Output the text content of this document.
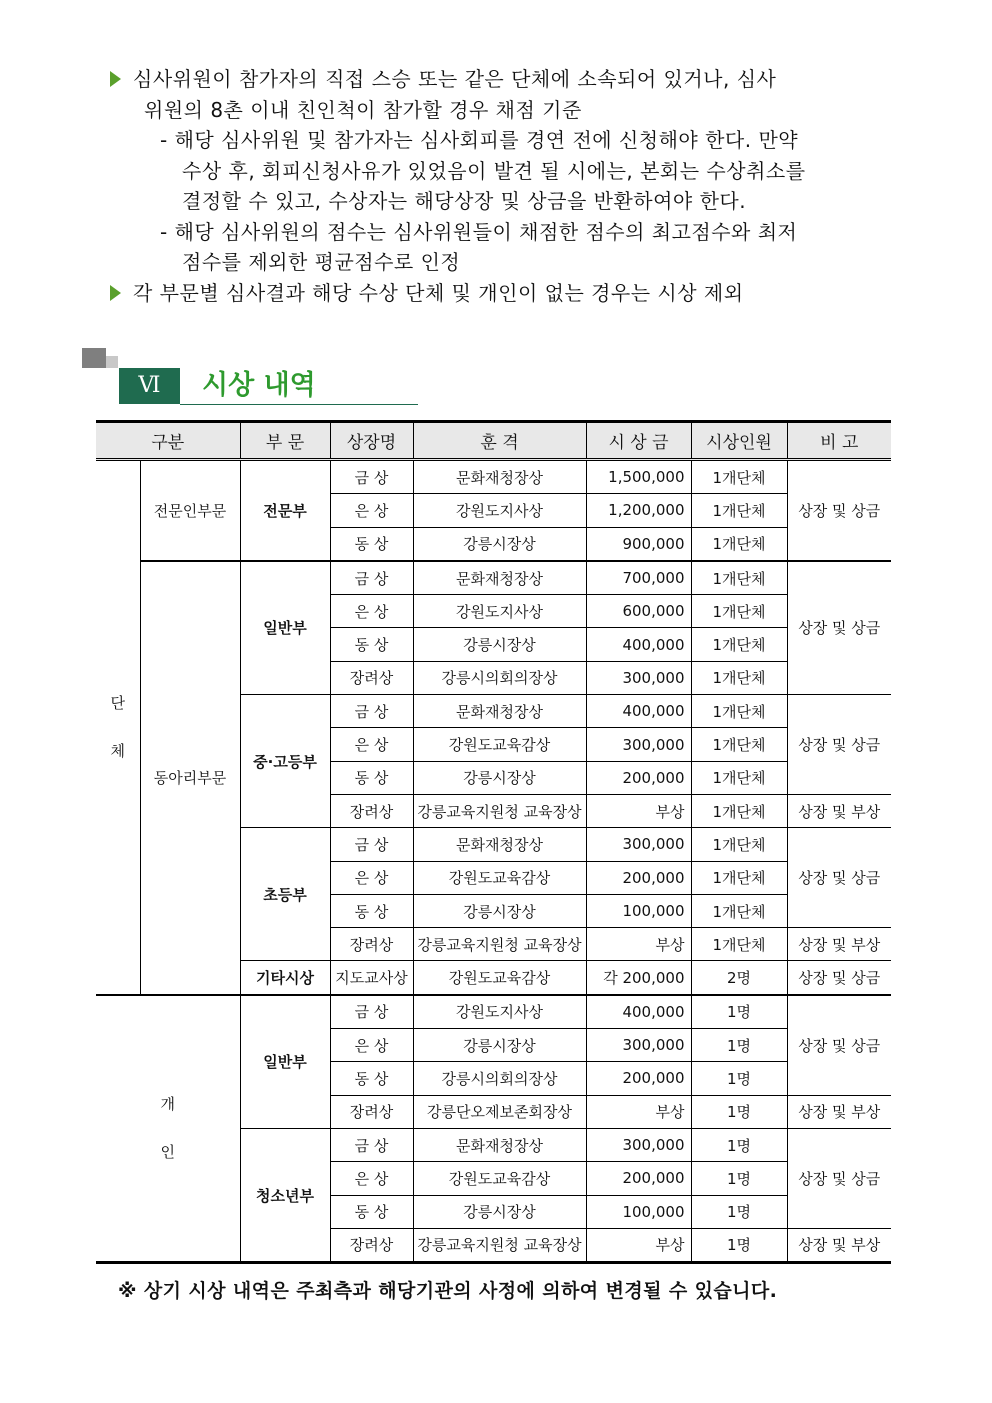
심사위원이 참가자의 직접 스승 또는 같은 단체에 소속되어 있거나, 심사
위원의 8촌 이내 친인척이 참가할 경우 채점 기준
- 해당 심사위원 및 참가자는 심사회피를 경연 전에 신청해야 한다. 만약
수상 후, 회피신청사유가 있었음이 발견 될 시에는, 본회는 수상취소를
결정할 수 있고, 수상자는 해당상장 및 상금을 반환하여야 한다.
- 해당 심사위원의 점수는 심사위원들이 채점한 점수의 최고점수와 최저
점수를 제외한 평균점수로 인정
각 부문별 심사결과 해당 수상 단체 및 개인이 없는 경우는 시상 제외
Ⅵ	시상 내역
구분		부 문	상장명	훈 격	시 상 금	시상인원	비 고
단
체	전문인부문	전문부	금 상	문화재청장상	1,500,000	1개단체	상장 및 상금
			은 상	강원도지사상	1,200,000	1개단체	
			동 상	강릉시장상	900,000	1개단체	
	동아리부문	일반부	금 상	문화재청장상	700,000	1개단체	상장 및 상금
			은 상	강원도지사상	600,000	1개단체	
			동 상	강릉시장상	400,000	1개단체	
			장려상	강릉시의회의장상	300,000	1개단체	
		중·고등부	금 상	문화재청장상	400,000	1개단체	상장 및 상금
			은 상	강원도교육감상	300,000	1개단체	
			동 상	강릉시장상	200,000	1개단체	
			장려상	강릉교육지원청 교육장상	부상	1개단체	상장 및 부상
		초등부	금 상	문화재청장상	300,000	1개단체	상장 및 상금
			은 상	강원도교육감상	200,000	1개단체	
			동 상	강릉시장상	100,000	1개단체	
			장려상	강릉교육지원청 교육장상	부상	1개단체	상장 및 부상
		기타시상	지도교사상	강원도교육감상	각 200,000	2명	상장 및 상금
개
인		일반부	금 상	강원도지사상	400,000	1명	상장 및 상금
			은 상	강릉시장상	300,000	1명	
			동 상	강릉시의회의장상	200,000	1명	
			장려상	강릉단오제보존회장상	부상	1명	상장 및 부상
		청소년부	금 상	문화재청장상	300,000	1명	상장 및 상금
			은 상	강원도교육감상	200,000	1명	
			동 상	강릉시장상	100,000	1명	
			장려상	강릉교육지원청 교육장상	부상	1명	상장 및 부상
※ 상기 시상 내역은 주최측과 해당기관의 사정에 의하여 변경될 수 있습니다.
